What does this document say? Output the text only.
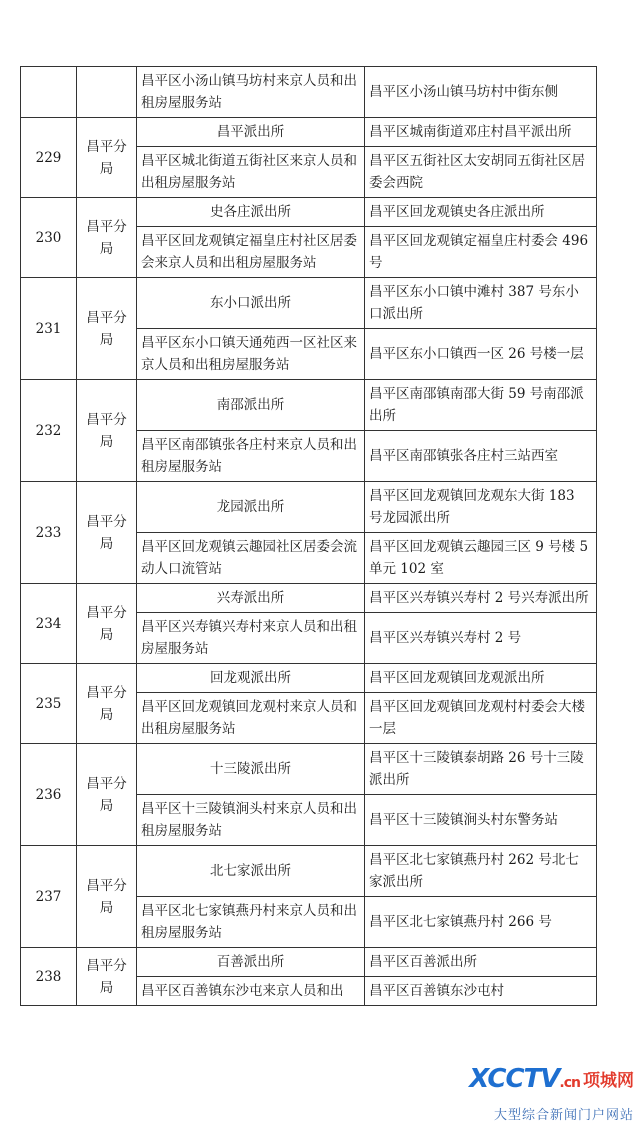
		昌平区小汤山镇马坊村来京人员和出租房屋服务站	昌平区小汤山镇马坊村中街东侧
229	昌平分局	昌平派出所	昌平区城南街道邓庄村昌平派出所
		昌平区城北街道五街社区来京人员和出租房屋服务站	昌平区五街社区太安胡同五街社区居委会西院
230	昌平分局	史各庄派出所	昌平区回龙观镇史各庄派出所
		昌平区回龙观镇定福皇庄村社区居委会来京人员和出租房屋服务站	昌平区回龙观镇定福皇庄村委会 496 号
231	昌平分局	东小口派出所	昌平区东小口镇中滩村 387 号东小口派出所
		昌平区东小口镇天通苑西一区社区来京人员和出租房屋服务站	昌平区东小口镇西一区 26 号楼一层
232	昌平分局	南邵派出所	昌平区南邵镇南邵大街 59 号南邵派出所
		昌平区南邵镇张各庄村来京人员和出租房屋服务站	昌平区南邵镇张各庄村三站西室
233	昌平分局	龙园派出所	昌平区回龙观镇回龙观东大街 183 号龙园派出所
		昌平区回龙观镇云趣园社区居委会流动人口流管站	昌平区回龙观镇云趣园三区 9 号楼 5 单元 102 室
234	昌平分局	兴寿派出所	昌平区兴寿镇兴寿村 2 号兴寿派出所
		昌平区兴寿镇兴寿村来京人员和出租房屋服务站	昌平区兴寿镇兴寿村 2 号
235	昌平分局	回龙观派出所	昌平区回龙观镇回龙观派出所
		昌平区回龙观镇回龙观村来京人员和出租房屋服务站	昌平区回龙观镇回龙观村村委会大楼一层
236	昌平分局	十三陵派出所	昌平区十三陵镇泰胡路 26 号十三陵派出所
		昌平区十三陵镇涧头村来京人员和出租房屋服务站	昌平区十三陵镇涧头村东警务站
237	昌平分局	北七家派出所	昌平区北七家镇燕丹村 262 号北七家派出所
		昌平区北七家镇燕丹村来京人员和出租房屋服务站	昌平区北七家镇燕丹村 266 号
238	昌平分局	百善派出所	昌平区百善派出所
		昌平区百善镇东沙屯来京人员和出	昌平区百善镇东沙屯村
XCCTV.cn 项城网
大型综合新闻门户网站
